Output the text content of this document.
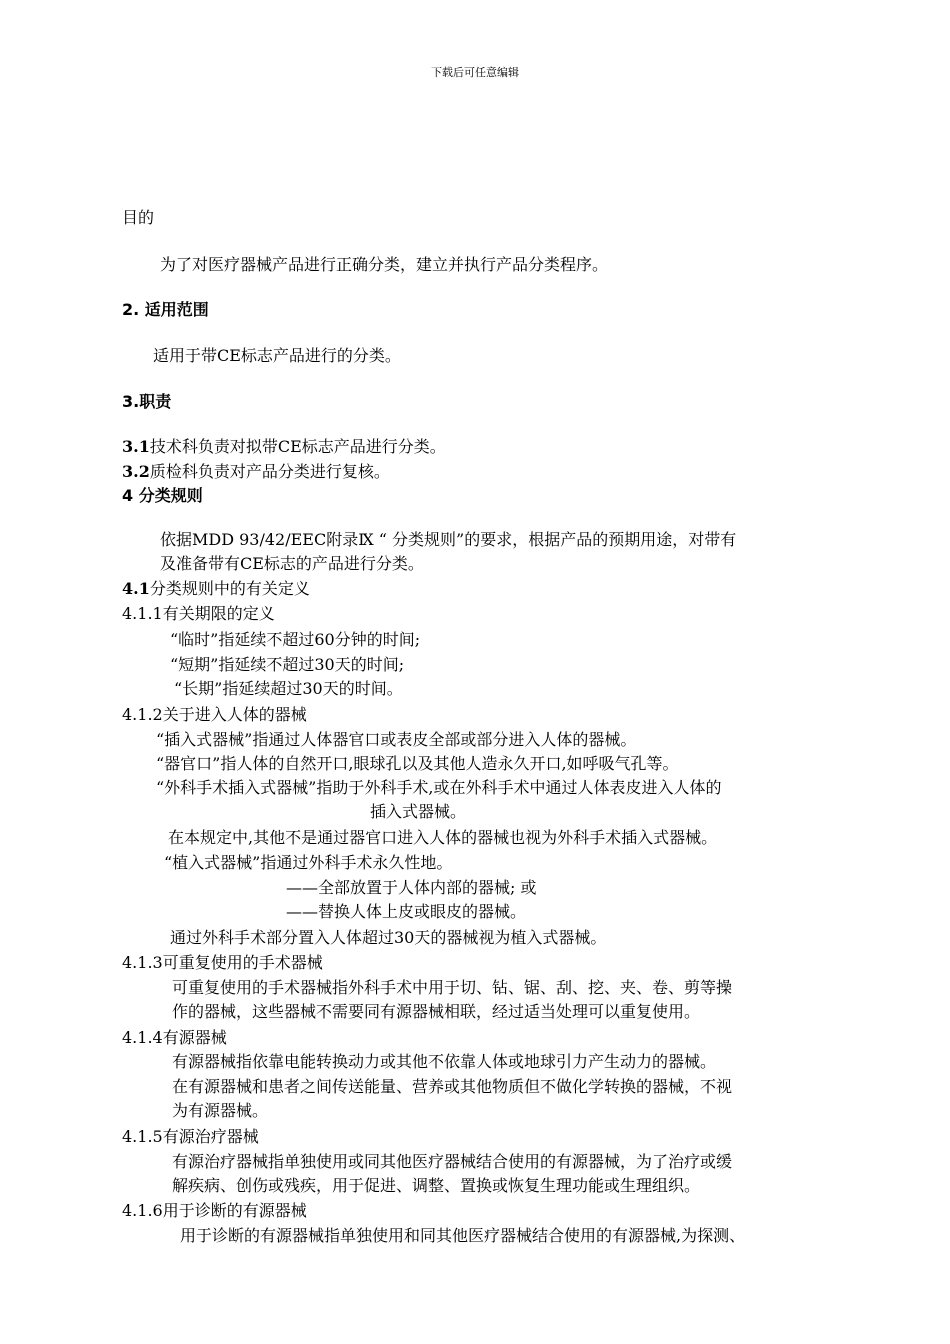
下载后可任意编辑
目的
为了对医疗器械产品进行正确分类，建立并执行产品分类程序。
2. 适用范围
适用于带CE标志产品进行的分类。
3.职责
3.1技术科负责对拟带CE标志产品进行分类。
3.2质检科负责对产品分类进行复核。
4 分类规则
依据MDD 93/42/EEC附录Ⅸ “ 分类规则”的要求，根据产品的预期用途，对带有
及准备带有CE标志的产品进行分类。
4.1分类规则中的有关定义
4.1.1有关期限的定义
“临时”指延续不超过60分钟的时间;
“短期”指延续不超过30天的时间;
“长期”指延续超过30天的时间。
4.1.2关于进入人体的器械
“插入式器械”指通过人体器官口或表皮全部或部分进入人体的器械。
“器官口”指人体的自然开口,眼球孔以及其他人造永久开口,如呼吸气孔等。
“外科手术插入式器械”指助于外科手术,或在外科手术中通过人体表皮进入人体的
插入式器械。
在本规定中,其他不是通过器官口进入人体的器械也视为外科手术插入式器械。
“植入式器械”指通过外科手术永久性地。
——全部放置于人体内部的器械; 或
——替换人体上皮或眼皮的器械。
通过外科手术部分置入人体超过30天的器械视为植入式器械。
4.1.3可重复使用的手术器械
可重复使用的手术器械指外科手术中用于切、钻、锯、刮、挖、夹、卷、剪等操
作的器械，这些器械不需要同有源器械相联，经过适当处理可以重复使用。
4.1.4有源器械
有源器械指依靠电能转换动力或其他不依靠人体或地球引力产生动力的器械。
在有源器械和患者之间传送能量、营养或其他物质但不做化学转换的器械，不视
为有源器械。
4.1.5有源治疗器械
有源治疗器械指单独使用或同其他医疗器械结合使用的有源器械，为了治疗或缓
解疾病、创伤或残疾，用于促进、调整、置换或恢复生理功能或生理组织。
4.1.6用于诊断的有源器械
用于诊断的有源器械指单独使用和同其他医疗器械结合使用的有源器械,为探测、
